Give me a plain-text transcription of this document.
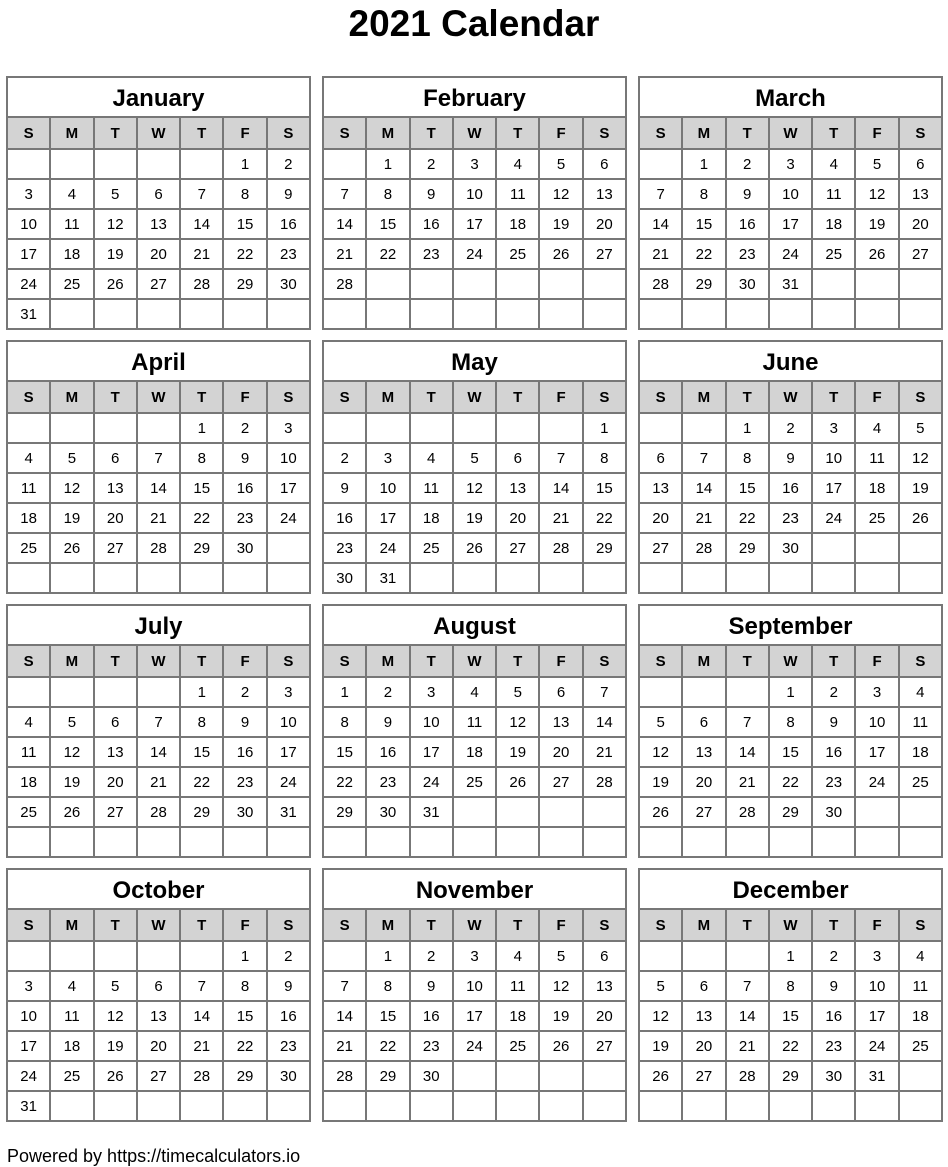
2021 Calendar
January
S	M	T	W	T	F	S
					1	2
3	4	5	6	7	8	9
10	11	12	13	14	15	16
17	18	19	20	21	22	23
24	25	26	27	28	29	30
31						
February
S	M	T	W	T	F	S
	1	2	3	4	5	6
7	8	9	10	11	12	13
14	15	16	17	18	19	20
21	22	23	24	25	26	27
28						

March
S	M	T	W	T	F	S
	1	2	3	4	5	6
7	8	9	10	11	12	13
14	15	16	17	18	19	20
21	22	23	24	25	26	27
28	29	30	31			

April
S	M	T	W	T	F	S
				1	2	3
4	5	6	7	8	9	10
11	12	13	14	15	16	17
18	19	20	21	22	23	24
25	26	27	28	29	30	

May
S	M	T	W	T	F	S
						1
2	3	4	5	6	7	8
9	10	11	12	13	14	15
16	17	18	19	20	21	22
23	24	25	26	27	28	29
30	31					
June
S	M	T	W	T	F	S
		1	2	3	4	5
6	7	8	9	10	11	12
13	14	15	16	17	18	19
20	21	22	23	24	25	26
27	28	29	30			

July
S	M	T	W	T	F	S
				1	2	3
4	5	6	7	8	9	10
11	12	13	14	15	16	17
18	19	20	21	22	23	24
25	26	27	28	29	30	31

August
S	M	T	W	T	F	S
1	2	3	4	5	6	7
8	9	10	11	12	13	14
15	16	17	18	19	20	21
22	23	24	25	26	27	28
29	30	31				

September
S	M	T	W	T	F	S
			1	2	3	4
5	6	7	8	9	10	11
12	13	14	15	16	17	18
19	20	21	22	23	24	25
26	27	28	29	30		

October
S	M	T	W	T	F	S
					1	2
3	4	5	6	7	8	9
10	11	12	13	14	15	16
17	18	19	20	21	22	23
24	25	26	27	28	29	30
31						
November
S	M	T	W	T	F	S
	1	2	3	4	5	6
7	8	9	10	11	12	13
14	15	16	17	18	19	20
21	22	23	24	25	26	27
28	29	30				

December
S	M	T	W	T	F	S
			1	2	3	4
5	6	7	8	9	10	11
12	13	14	15	16	17	18
19	20	21	22	23	24	25
26	27	28	29	30	31	

Powered by https://timecalculators.io
